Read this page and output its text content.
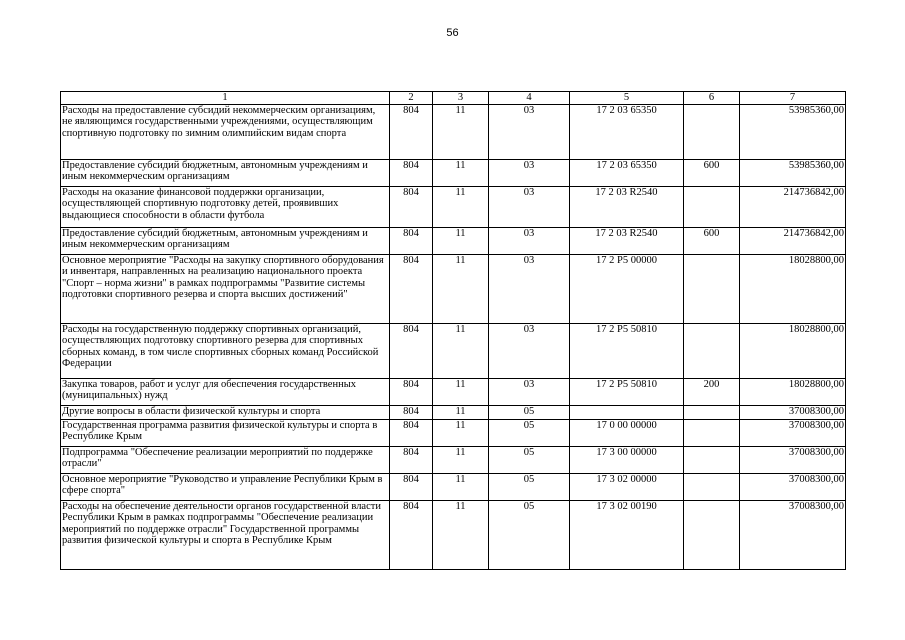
56
1	2	3	4	5	6	7
Расходы на предоставление субсидий некоммерческим организациям, не являющимся государственными учреждениями, осуществляющим спортивную подготовку по зимним олимпийским видам спорта	804	11	03	17 2 03 65350		53985360,00
Предоставление субсидий бюджетным, автономным учреждениям и иным некоммерческим организациям	804	11	03	17 2 03 65350	600	53985360,00
Расходы на оказание финансовой поддержки организации, осуществляющей спортивную подготовку детей, проявивших выдающиеся способности в области футбола	804	11	03	17 2 03 R2540		214736842,00
Предоставление субсидий бюджетным, автономным учреждениям и иным некоммерческим организациям	804	11	03	17 2 03 R2540	600	214736842,00
Основное мероприятие "Расходы на закупку спортивного оборудования и инвентаря, направленных на реализацию национального проекта "Спорт – норма жизни" в рамках подпрограммы "Развитие системы подготовки спортивного резерва и спорта высших достижений"	804	11	03	17 2 Р5 00000		18028800,00
Расходы на государственную поддержку спортивных организаций, осуществляющих подготовку спортивного резерва для спортивных сборных команд, в том числе спортивных сборных команд Российской Федерации	804	11	03	17 2 Р5 50810		18028800,00
Закупка товаров, работ и услуг для обеспечения государственных (муниципальных) нужд	804	11	03	17 2 Р5 50810	200	18028800,00
Другие вопросы в области физической культуры и спорта	804	11	05			37008300,00
Государственная программа развития физической культуры и спорта в Республике Крым	804	11	05	17 0 00 00000		37008300,00
Подпрограмма "Обеспечение реализации мероприятий по поддержке отрасли"	804	11	05	17 3 00 00000		37008300,00
Основное мероприятие "Руководство и управление Республики Крым в сфере спорта"	804	11	05	17 3 02 00000		37008300,00
Расходы на обеспечение деятельности органов государственной власти Республики Крым в рамках подпрограммы "Обеспечение реализации мероприятий по поддержке отрасли" Государственной программы развития физической культуры и спорта в Республике Крым	804	11	05	17 3 02 00190		37008300,00
